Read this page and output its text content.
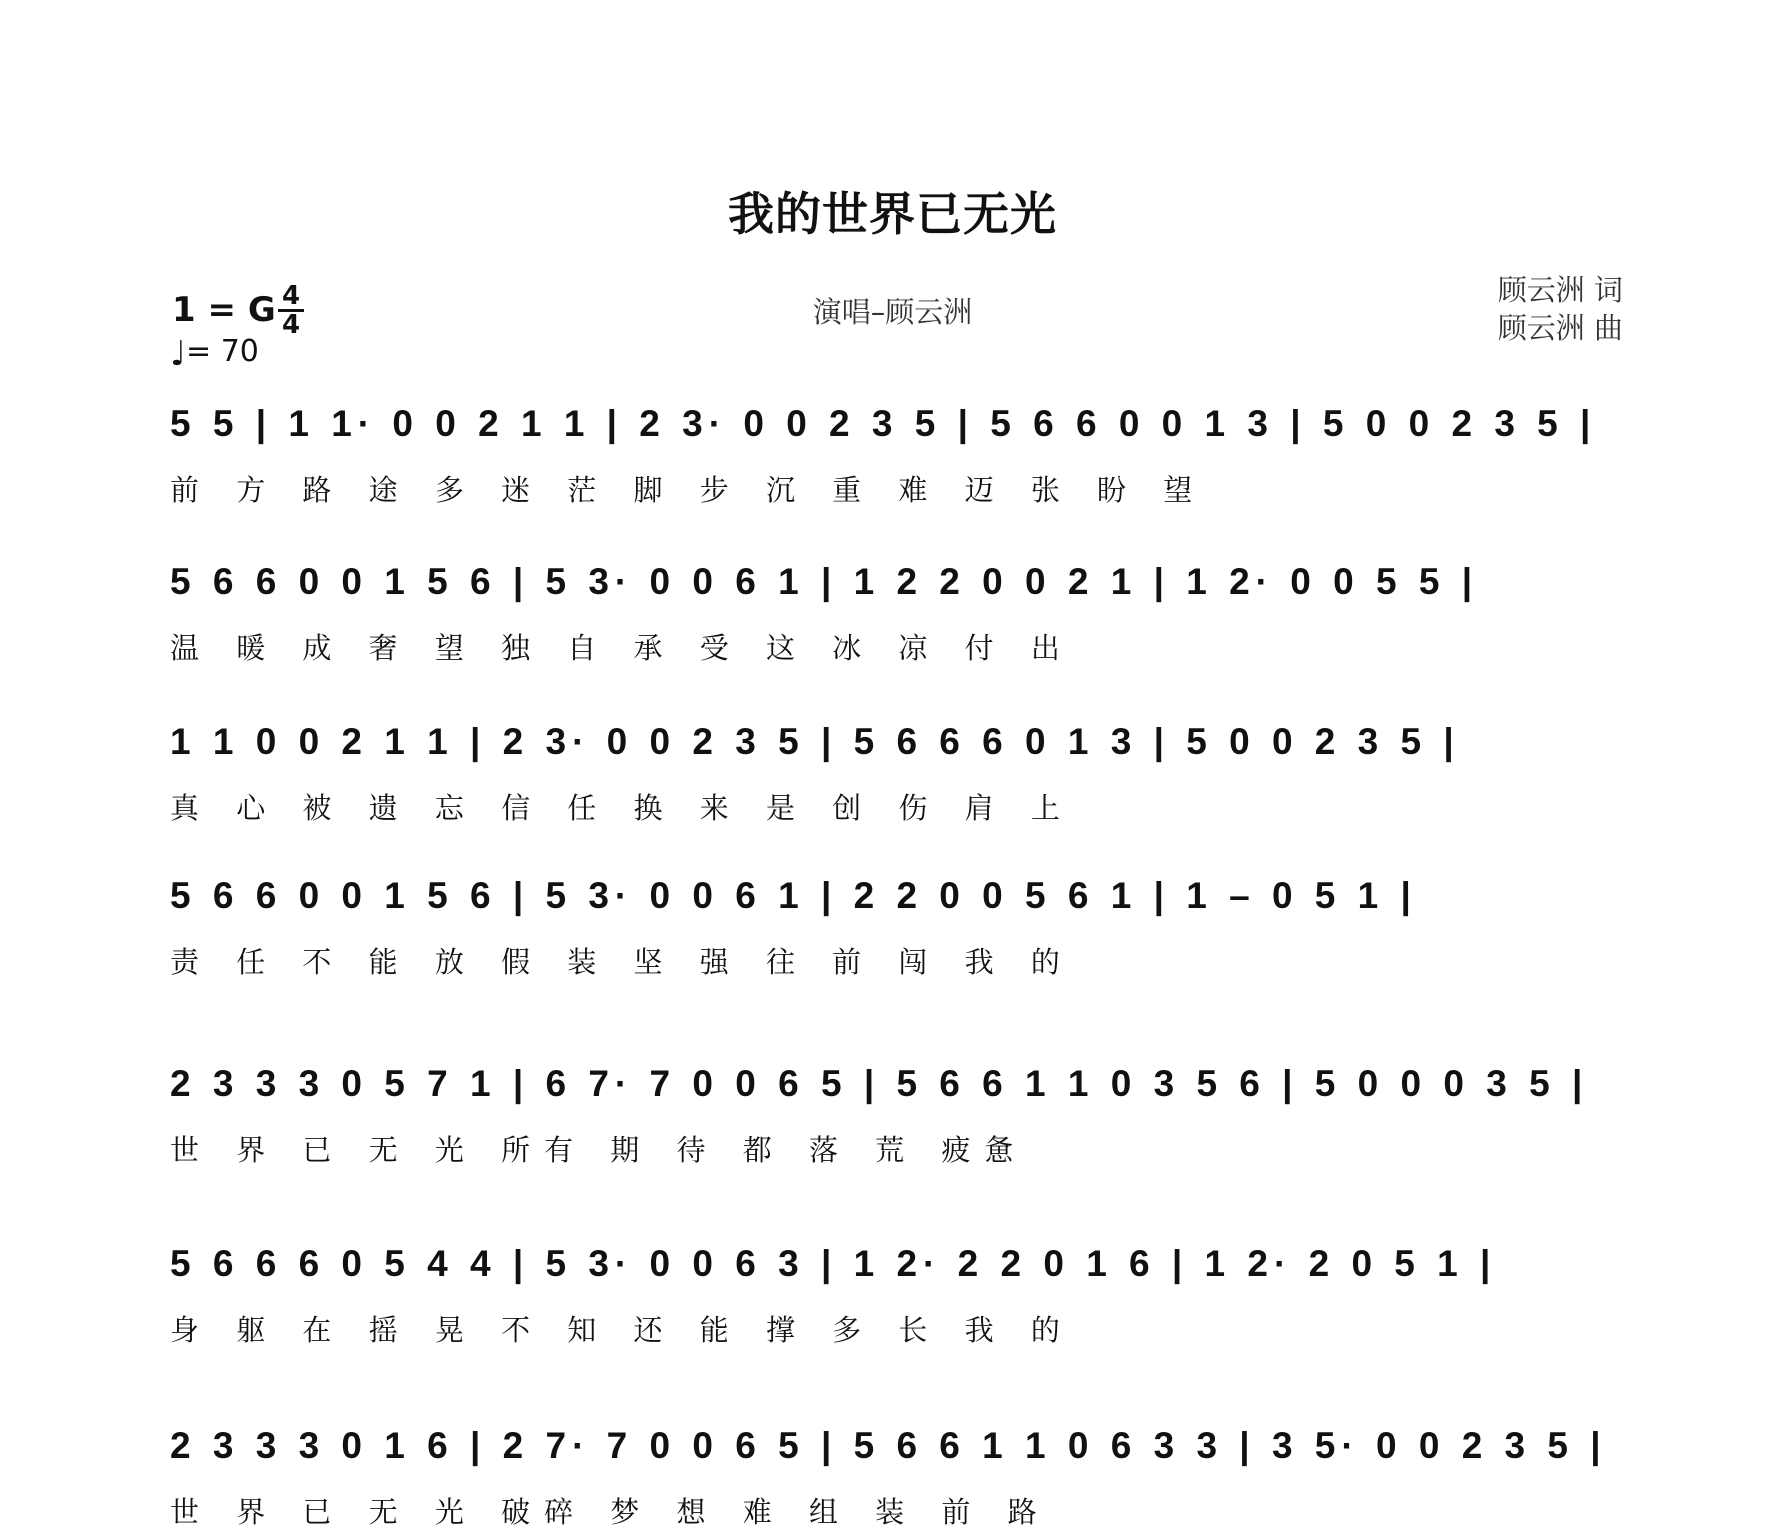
我的世界已无光
1 = G 4
4
♩= 70
演唱–顾云洲
顾云洲 词
顾云洲 曲
5 5 | 1 1· 0 0 2 1 1 | 2 3· 0 0 2 3 5 | 5 6 6 0 0 1 3 | 5 0 0 2 3 5 |
前 方 路 途 多 迷 茫 脚 步 沉 重 难 迈 张 盼 望
5 6 6 0 0 1 5 6 | 5 3· 0 0 6 1 | 1 2 2 0 0 2 1 | 1 2· 0 0 5 5 |
温 暖 成 奢 望 独 自 承 受 这 冰 凉 付 出
1 1 0 0 2 1 1 | 2 3· 0 0 2 3 5 | 5 6 6 6 0 1 3 | 5 0 0 2 3 5 |
真 心 被 遗 忘 信 任 换 来 是 创 伤 肩 上
5 6 6 0 0 1 5 6 | 5 3· 0 0 6 1 | 2 2 0 0 5 6 1 | 1 – 0 5 1 |
责 任 不 能 放 假 装 坚 强 往 前 闯 我 的
2 3 3 3 0 5 7 1 | 6 7· 7 0 0 6 5 | 5 6 6 1 1 0 3 5 6 | 5 0 0 0 3 5 |
世 界 已 无 光 所有 期 待 都 落 荒 疲惫
5 6 6 6 0 5 4 4 | 5 3· 0 0 6 3 | 1 2· 2 2 0 1 6 | 1 2· 2 0 5 1 |
身 躯 在 摇 晃 不 知 还 能 撑 多 长 我 的
2 3 3 3 0 1 6 | 2 7· 7 0 0 6 5 | 5 6 6 1 1 0 6 3 3 | 3 5· 0 0 2 3 5 |
世 界 已 无 光 破碎 梦 想 难 组 装 前 路
